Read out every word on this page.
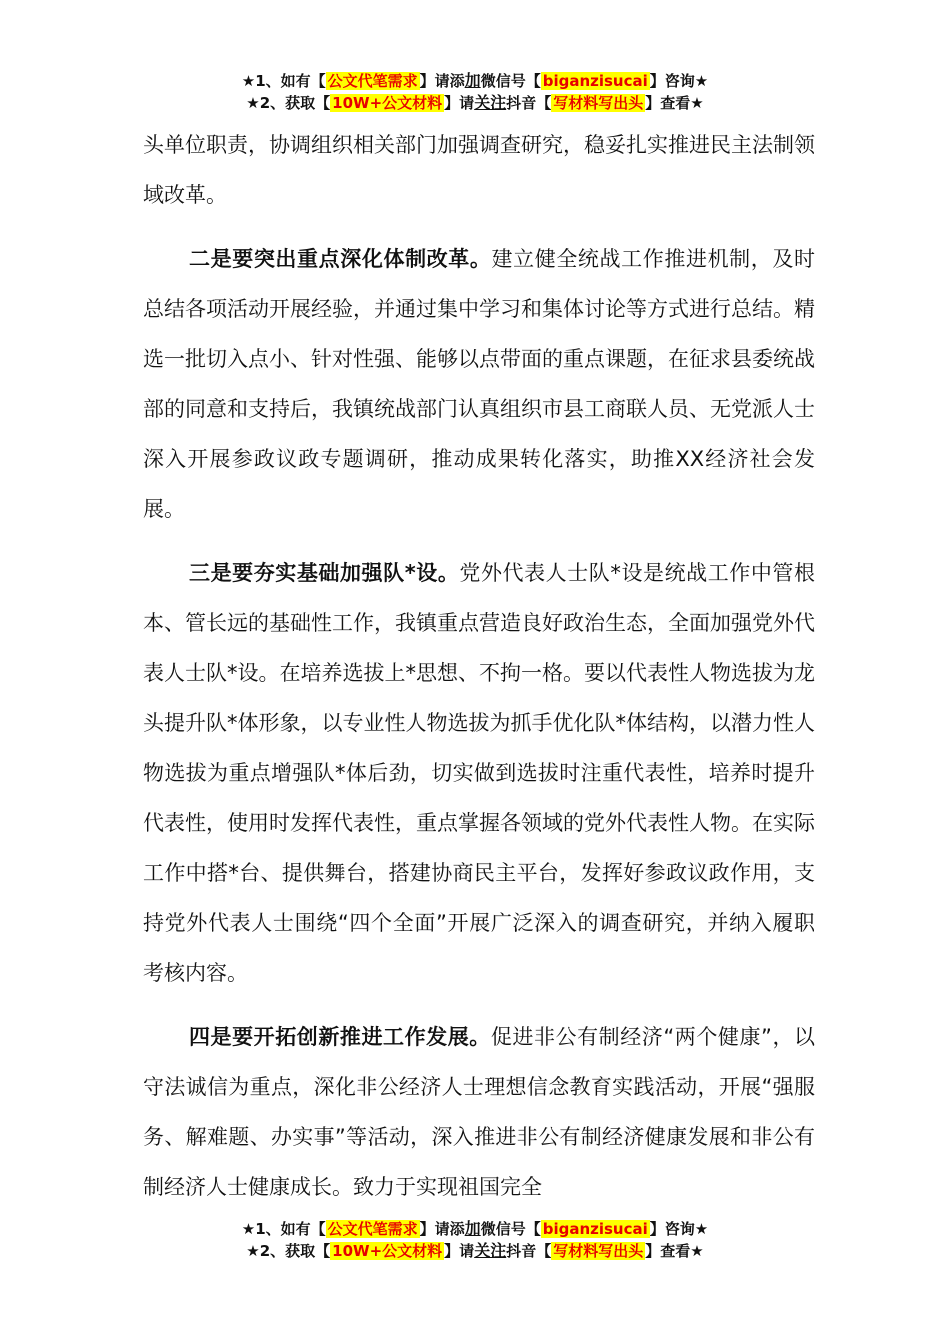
★1、如有【 公文代笔需求 】请添加微信号【 biganzisucai 】咨询★
★2、获取【 10W+公文材料 】请关注抖音【 写材料写出头 】查看★

头单位职责，协调组织相关部门加强调查研究，稳妥扎实推进民主法制领域改革。

二是要突出重点深化体制改革。建立健全统战工作推进机制，及时总结各项活动开展经验，并通过集中学习和集体讨论等方式进行总结。精选一批切入点小、针对性强、能够以点带面的重点课题，在征求县委统战部的同意和支持后，我镇统战部门认真组织市县工商联人员、无党派人士深入开展参政议政专题调研，推动成果转化落实，助推XX经济社会发展。

三是要夯实基础加强队*设。党外代表人士队*设是统战工作中管根本、管长远的基础性工作，我镇重点营造良好政治生态，全面加强党外代表人士队*设。在培养选拔上*思想、不拘一格。要以代表性人物选拔为龙头提升队*体形象，以专业性人物选拔为抓手优化队*体结构，以潜力性人物选拔为重点增强队*体后劲，切实做到选拔时注重代表性，培养时提升代表性，使用时发挥代表性，重点掌握各领域的党外代表性人物。在实际工作中搭*台、提供舞台，搭建协商民主平台，发挥好参政议政作用，支持党外代表人士围绕“四个全面”开展广泛深入的调查研究，并纳入履职考核内容。

四是要开拓创新推进工作发展。促进非公有制经济“两个健康”，以守法诚信为重点，深化非公经济人士理想信念教育实践活动，开展“强服务、解难题、办实事”等活动，深入推进非公有制经济健康发展和非公有制经济人士健康成长。致力于实现祖国完全

★1、如有【 公文代笔需求 】请添加微信号【 biganzisucai 】咨询★
★2、获取【 10W+公文材料 】请关注抖音【 写材料写出头 】查看★
